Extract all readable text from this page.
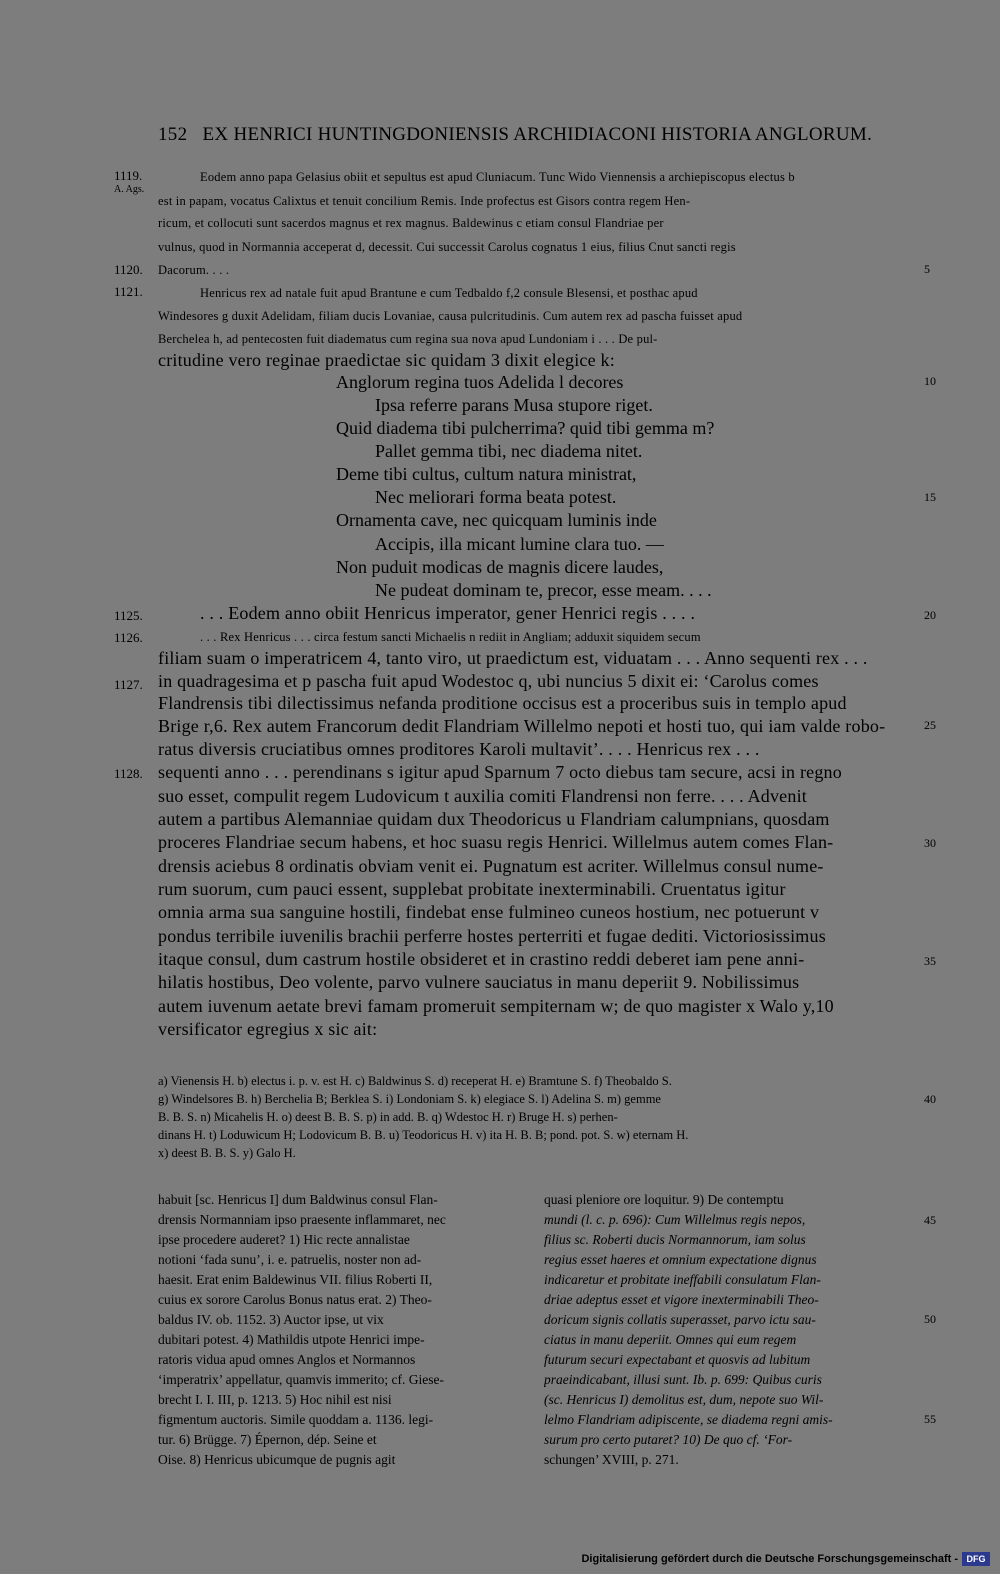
152 EX HENRICI HUNTINGDONIENSIS ARCHIDIACONI HISTORIA ANGLORUM.
1119.
A. Ags.
1120.
1121.
1125.
1126.
1127.
1128.
5
10
15
20
25
30
35
40
45
50
55
Eodem anno papa Gelasius obiit et sepultus est apud Cluniacum. Tunc Wido Viennensis a archiepiscopus electus b
est in papam, vocatus Calixtus et tenuit concilium Remis. Inde profectus est Gisors contra regem Hen-
ricum, et collocuti sunt sacerdos magnus et rex magnus. Baldewinus c etiam consul Flandriae per
vulnus, quod in Normannia acceperat d, decessit. Cui successit Carolus cognatus 1 eius, filius Cnut sancti regis
Dacorum. . . .
Henricus rex ad natale fuit apud Brantune e cum Tedbaldo f,2 consule Blesensi, et posthac apud
Windesores g duxit Adelidam, filiam ducis Lovaniae, causa pulcritudinis. Cum autem rex ad pascha fuisset apud
Berchelea h, ad pentecosten fuit diadematus cum regina sua nova apud Lundoniam i . . . De pul-
critudine vero reginae praedictae sic quidam 3 dixit elegice k:
Anglorum regina tuos Adelida l decores
Ipsa referre parans Musa stupore riget.
Quid diadema tibi pulcherrima? quid tibi gemma m?
Pallet gemma tibi, nec diadema nitet.
Deme tibi cultus, cultum natura ministrat,
Nec meliorari forma beata potest.
Ornamenta cave, nec quicquam luminis inde
Accipis, illa micant lumine clara tuo. —
Non puduit modicas de magnis dicere laudes,
Ne pudeat dominam te, precor, esse meam. . . .
. . . Eodem anno obiit Henricus imperator, gener Henrici regis . . . .
. . . Rex Henricus . . . circa festum sancti Michaelis n rediit in Angliam; adduxit siquidem secum
filiam suam o imperatricem 4, tanto viro, ut praedictum est, viduatam . . . Anno sequenti rex . . .
in quadragesima et p pascha fuit apud Wodestoc q, ubi nuncius 5 dixit ei: ‘Carolus comes
Flandrensis tibi dilectissimus nefanda proditione occisus est a proceribus suis in templo apud
Brige r,6. Rex autem Francorum dedit Flandriam Willelmo nepoti et hosti tuo, qui iam valde robo-
ratus diversis cruciatibus omnes proditores Karoli multavit’. . . . Henricus rex . . .
sequenti anno . . . perendinans s igitur apud Sparnum 7 octo diebus tam secure, acsi in regno
suo esset, compulit regem Ludovicum t auxilia comiti Flandrensi non ferre. . . . Advenit
autem a partibus Alemanniae quidam dux Theodoricus u Flandriam calumpnians, quosdam
proceres Flandriae secum habens, et hoc suasu regis Henrici. Willelmus autem comes Flan-
drensis aciebus 8 ordinatis obviam venit ei. Pugnatum est acriter. Willelmus consul nume-
rum suorum, cum pauci essent, supplebat probitate inexterminabili. Cruentatus igitur
omnia arma sua sanguine hostili, findebat ense fulmineo cuneos hostium, nec potuerunt v
pondus terribile iuvenilis brachii perferre hostes perterriti et fugae dediti. Victoriosissimus
itaque consul, dum castrum hostile obsideret et in crastino reddi deberet iam pene anni-
hilatis hostibus, Deo volente, parvo vulnere sauciatus in manu deperiit 9. Nobilissimus
autem iuvenum aetate brevi famam promeruit sempiternam w; de quo magister x Walo y,10
versificator egregius x sic ait:
a) Vienensis H. b) electus i. p. v. est H. c) Baldwinus S. d) receperat H. e) Bramtune S. f) Theobaldo S.
g) Windelsores B. h) Berchelia B; Berklea S. i) Londoniam S. k) elegiace S. l) Adelina S. m) gemme
B. B. S. n) Micahelis H. o) deest B. B. S. p) in add. B. q) Wdestoc H. r) Bruge H. s) perhen-
dinans H. t) Loduwicum H; Lodovicum B. B. u) Teodoricus H. v) ita H. B. B; pond. pot. S. w) eternam H.
x) deest B. B. S. y) Galo H.
habuit [sc. Henricus I] dum Baldwinus consul Flan-
drensis Normanniam ipso praesente inflammaret, nec
ipse procedere auderet? 1) Hic recte annalistae
notioni ‘fada sunu’, i. e. patruelis, noster non ad-
haesit. Erat enim Baldewinus VII. filius Roberti II,
cuius ex sorore Carolus Bonus natus erat. 2) Theo-
baldus IV. ob. 1152. 3) Auctor ipse, ut vix
dubitari potest. 4) Mathildis utpote Henrici impe-
ratoris vidua apud omnes Anglos et Normannos
‘imperatrix’ appellatur, quamvis immerito; cf. Giese-
brecht I. I. III, p. 1213. 5) Hoc nihil est nisi
figmentum auctoris. Simile quoddam a. 1136. legi-
tur. 6) Brügge. 7) Épernon, dép. Seine et
Oise. 8) Henricus ubicumque de pugnis agit
quasi pleniore ore loquitur. 9) De contemptu
mundi (l. c. p. 696): Cum Willelmus regis nepos,
filius sc. Roberti ducis Normannorum, iam solus
regius esset haeres et omnium expectatione dignus
indicaretur et probitate ineffabili consulatum Flan-
driae adeptus esset et vigore inexterminabili Theo-
doricum signis collatis superasset, parvo ictu sau-
ciatus in manu deperiit. Omnes qui eum regem
futurum securi expectabant et quosvis ad lubitum
praeindicabant, illusi sunt. Ib. p. 699: Quibus curis
(sc. Henricus I) demolitus est, dum, nepote suo Wil-
lelmo Flandriam adipiscente, se diadema regni amis-
surum pro certo putaret? 10) De quo cf. ‘For-
schungen’ XVIII, p. 271.
Digitalisierung gefördert durch die Deutsche Forschungsgemeinschaft - DFG
